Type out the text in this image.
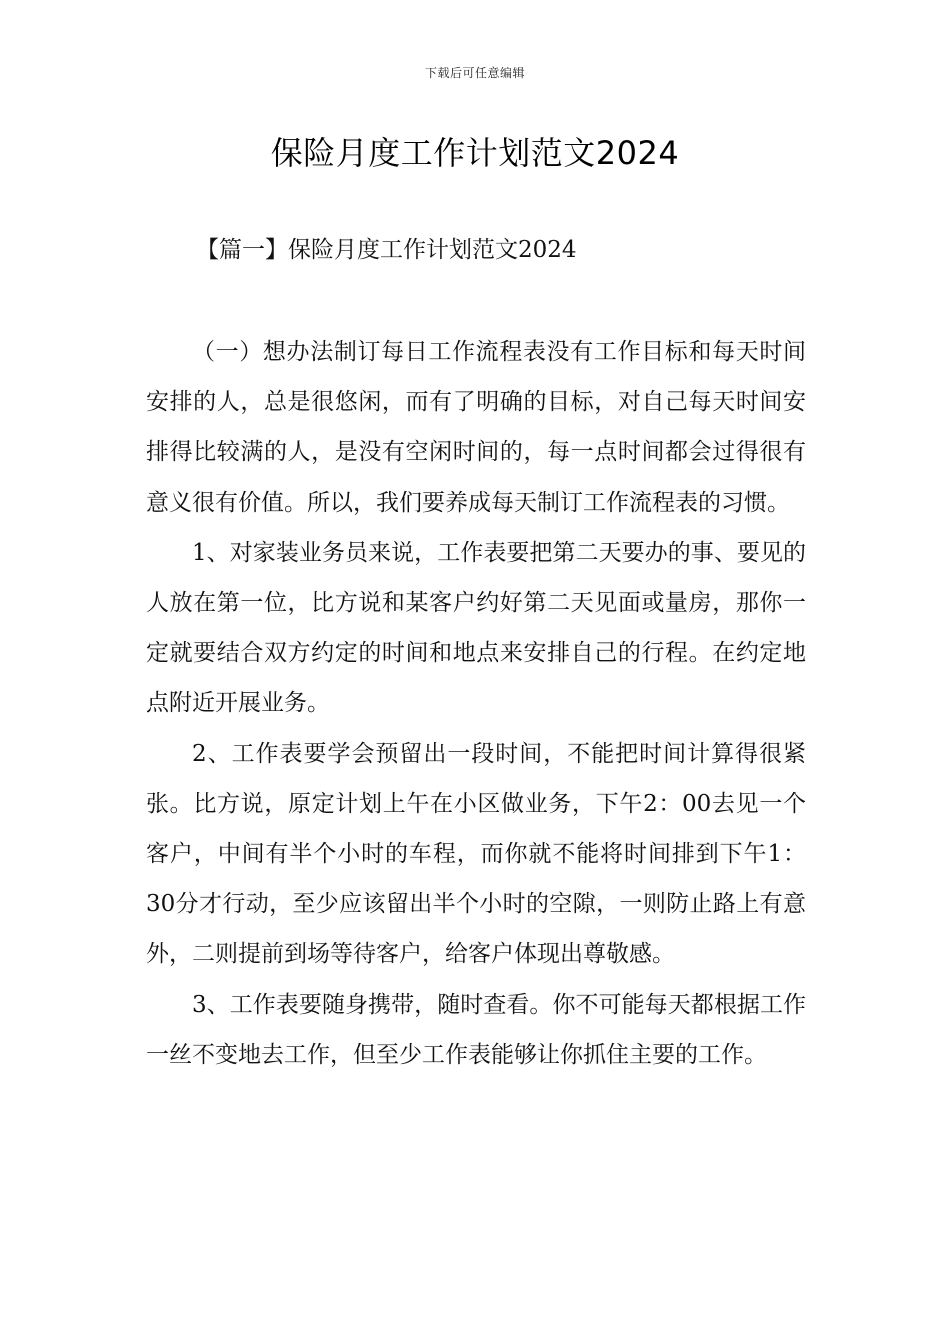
下载后可任意编辑
保险月度工作计划范文2024
【篇一】保险月度工作计划范文2024

（一）想办法制订每日工作流程表没有工作目标和每天时间安排的人，总是很悠闲，而有了明确的目标，对自己每天时间安排得比较满的人，是没有空闲时间的，每一点时间都会过得很有意义很有价值。所以，我们要养成每天制订工作流程表的习惯。

1、对家装业务员来说，工作表要把第二天要办的事、要见的人放在第一位，比方说和某客户约好第二天见面或量房，那你一定就要结合双方约定的时间和地点来安排自己的行程。在约定地点附近开展业务。

2、工作表要学会预留出一段时间，不能把时间计算得很紧张。比方说，原定计划上午在小区做业务，下午2：00去见一个客户，中间有半个小时的车程，而你就不能将时间排到下午1：30分才行动，至少应该留出半个小时的空隙，一则防止路上有意外，二则提前到场等待客户，给客户体现出尊敬感。

3、工作表要随身携带，随时查看。你不可能每天都根据工作一丝不变地去工作，但至少工作表能够让你抓住主要的工作。
